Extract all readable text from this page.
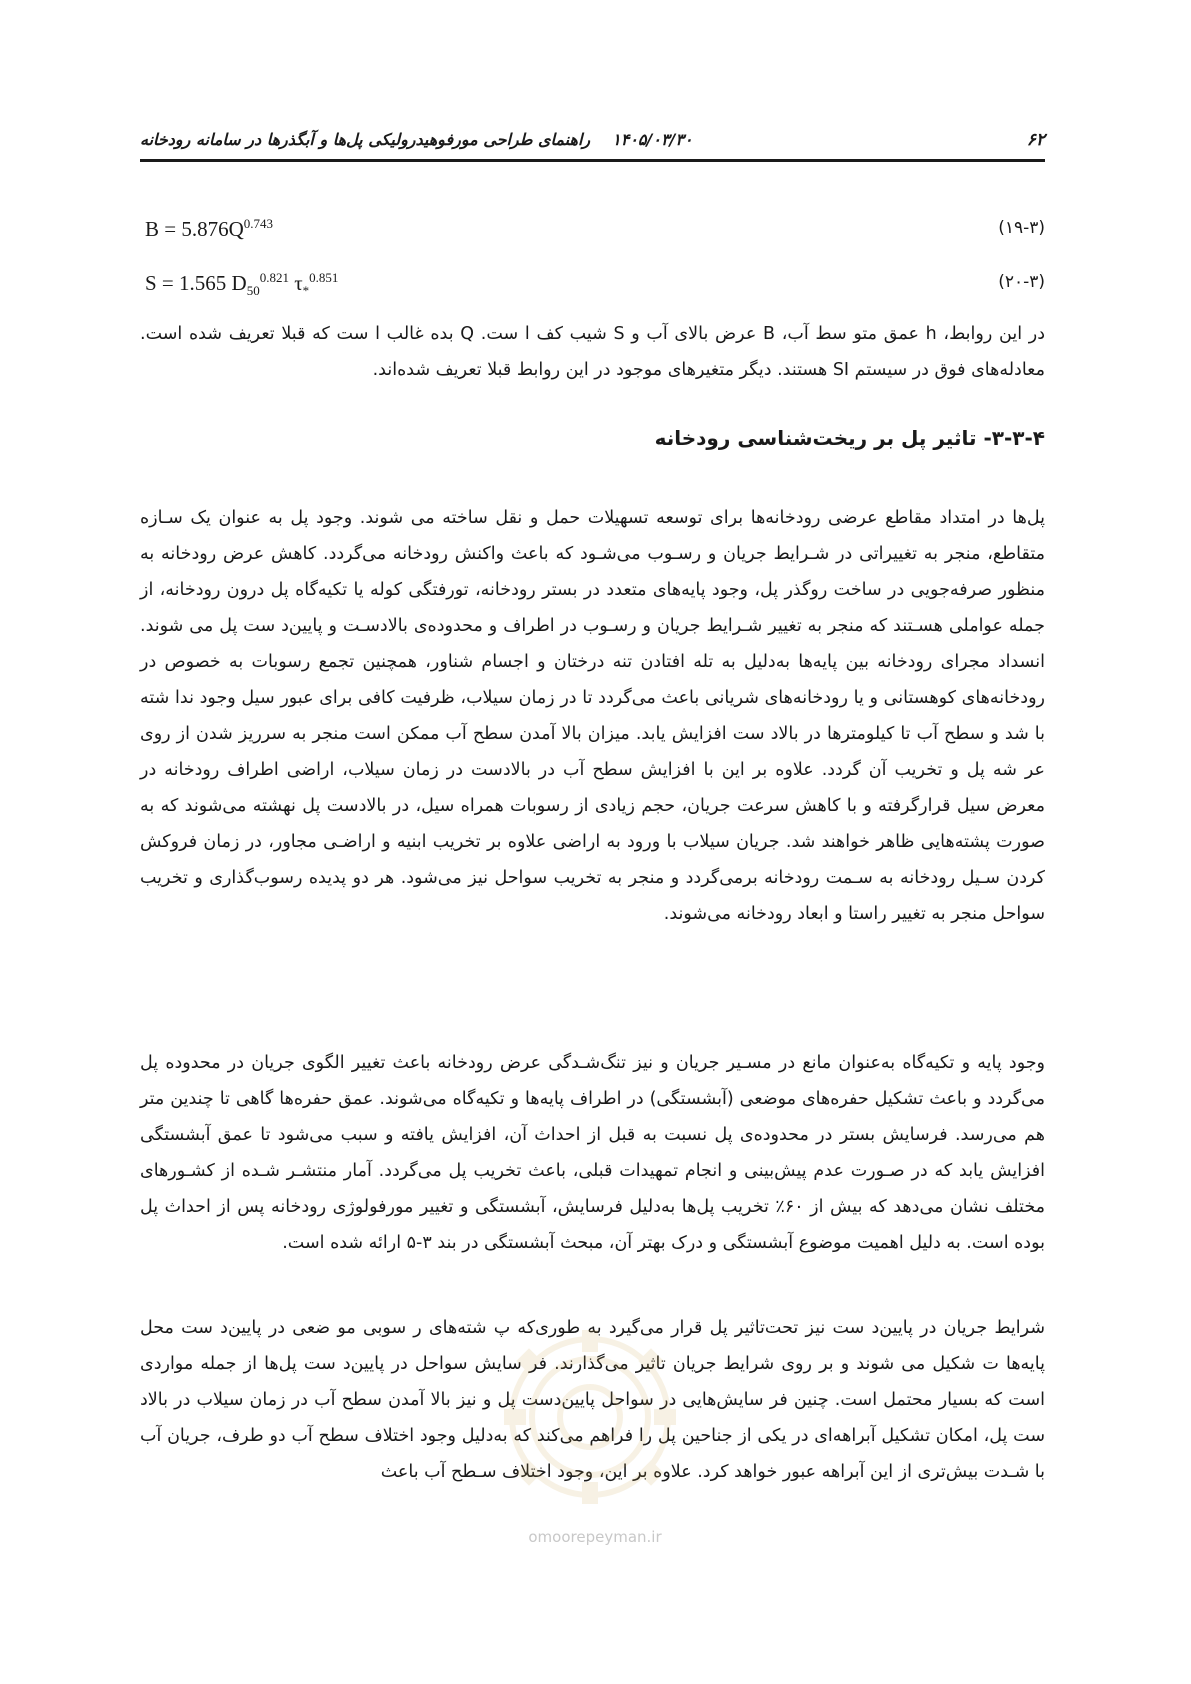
۶۲
۱۴۰۵/۰۳/۳۰راهنمای طراحی مورفوهیدرولیکی پل‌ها و آبگذرها در سامانه رودخانه
$B = 5.876Q^{0.743}$	(۱۹-۳)
S = 1.565 $D_{50}^{0.821}$ $\tau_*^{0.851}$	(۲۰-۳)

در این روابط، h عمق متو سط آب، B عرض بالای آب و S شیب کف ا ست. Q بده غالب ا ست که قبلا تعریف شده است. معادله‌های فوق در سیستم SI هستند. دیگر متغیرهای موجود در این روابط قبلا تعریف شده‌اند.

۳-۳-۴- تاثیر پل بر ریخت‌شناسی رودخانه

پل‌ها در امتداد مقاطع عرضی رودخانه‌ها برای توسعه تسهیلات حمل و نقل ساخته می شوند. وجود پل به عنوان یک سـازه متقاطع، منجر به تغییراتی در شـرایط جریان و رسـوب می‌شـود که باعث واکنش رودخانه می‌گردد. کاهش عرض رودخانه به منظور صرفه‌جویی در ساخت روگذر پل، وجود پایه‌های متعدد در بستر رودخانه، تورفتگی کوله یا تکیه‌گاه پل درون رودخانه، از جمله عواملی هسـتند که منجر به تغییر شـرایط جریان و رسـوب در اطراف و محدوده‌ی بالادسـت و پایین‌د ست پل می شوند. انسداد مجرای رودخانه بین پایه‌ها به‌دلیل به تله افتادن تنه درختان و اجسام شناور، همچنین تجمع رسوبات به خصوص در رودخانه‌های کوهستانی و یا رودخانه‌های شریانی باعث می‌گردد تا در زمان سیلاب، ظرفیت کافی برای عبور سیل وجود ندا شته با شد و سطح آب تا کیلومترها در بالاد ست افزایش یابد. میزان بالا آمدن سطح آب ممکن است منجر به سرریز شدن از روی عر شه پل و تخریب آن گردد. علاوه بر این با افزایش سطح آب در بالادست در زمان سیلاب، اراضی اطراف رودخانه در معرض سیل قرارگرفته و با کاهش سرعت جریان، حجم زیادی از رسوبات همراه سیل، در بالادست پل نهشته می‌شوند که به صورت پشته‌هایی ظاهر خواهند شد. جریان سیلاب با ورود به اراضی علاوه بر تخریب ابنیه و اراضـی مجاور، در زمان فروکش کردن سـیل رودخانه به سـمت رودخانه برمی‌گردد و منجر به تخریب سواحل نیز می‌شود. هر دو پدیده رسوب‌گذاری و تخریب سواحل منجر به تغییر راستا و ابعاد رودخانه می‌شوند.

وجود پایه و تکیه‌گاه به‌عنوان مانع در مسـیر جریان و نیز تنگ‌شـدگی عرض رودخانه باعث تغییر الگوی جریان در محدوده پل می‌گردد و باعث تشکیل حفره‌های موضعی (آبشستگی) در اطراف پایه‌ها و تکیه‌گاه می‌شوند. عمق حفره‌ها گاهی تا چندین متر هم می‌رسد. فرسایش بستر در محدوده‌ی پل نسبت به قبل از احداث آن، افزایش یافته و سبب می‌شود تا عمق آبشستگی افزایش یابد که در صـورت عدم پیش‌بینی و انجام تمهیدات قبلی، باعث تخریب پل می‌گردد. آمار منتشـر شـده از کشـورهای مختلف نشان می‌دهد که بیش از ۶۰٪ تخریب پل‌ها به‌دلیل فرسایش، آبشستگی و تغییر مورفولوژی رودخانه پس از احداث پل بوده است. به دلیل اهمیت موضوع آبشستگی و درک بهتر آن، مبحث آبشستگی در بند ۳-۵ ارائه شده است.

شرایط جریان در پایین‌د ست نیز تحت‌تاثیر پل قرار می‌گیرد به طوری‌که پ شته‌های ر سوبی مو ضعی در پایین‌د ست محل پایه‌ها ت شکیل می شوند و بر روی شرایط جریان تاثیر می‌گذارند. فر سایش سواحل در پایین‌د ست پل‌ها از جمله مواردی است که بسیار محتمل است. چنین فر سایش‌هایی در سواحل پایین‌دست پل و نیز بالا آمدن سطح آب در زمان سیلاب در بالاد ست پل، امکان تشکیل آبراهه‌ای در یکی از جناحین پل را فراهم می‌کند که به‌دلیل وجود اختلاف سطح آب دو طرف، جریان آب با شـدت بیش‌تری از این آبراهه عبور خواهد کرد. علاوه بر این، وجود اختلاف سـطح آب باعث

omoorepeyman.ir
